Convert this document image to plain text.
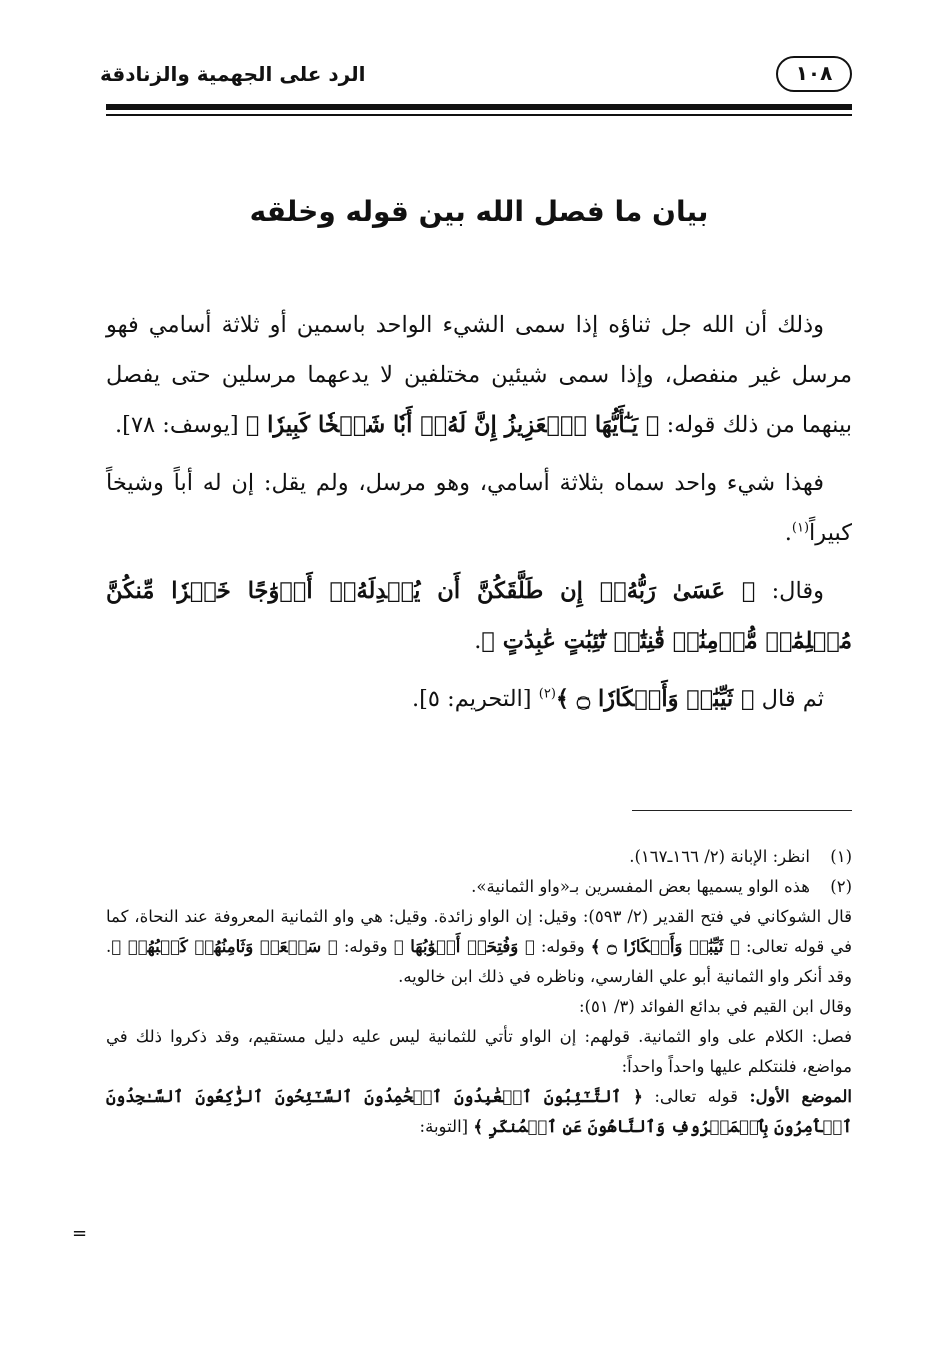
الرد على الجهمية والزنادقة	١٠٨
بيان ما فصل الله بين قوله وخلقه

وذلك أن الله جل ثناؤه إذا سمى الشيء الواحد باسمين أو ثلاثة أسامي فهو مرسل غير منفصل، وإذا سمى شيئين مختلفين لا يدعهما مرسلين حتى يفصل بينهما من ذلك قوله: ﴿ يَـٰٓأَيُّهَا ٱلۡعَزِيزُ إِنَّ لَهُۥٓ أَبٗا شَيۡخٗا كَبِيرٗا ﴾ [يوسف: ٧٨].

فهذا شيء واحد سماه بثلاثة أسامي، وهو مرسل، ولم يقل: إن له أباً وشيخاً كبيراً$^{(١)}$.

وقال: ﴿ عَسَىٰ رَبُّهُۥٓ إِن طَلَّقَكُنَّ أَن يُبۡدِلَهُۥٓ أَزۡوَٰجًا خَيۡرٗا مِّنكُنَّ مُسۡلِمَٰتٖ مُّؤۡمِنَٰتٖ قَٰنِتَٰتٖ تَٰٓئِبَٰتٍ عَٰبِدَٰتٍ ﴾.

ثم قال ﴿ ثَيِّبَٰتٖ وَأَبۡكَارٗا ۝ ﴾$^{(٢)}$ [التحريم: ٥].

(١)

انظر: الإبانة (٢/ ١٦٦ـ١٦٧).

(٢)

هذه الواو يسميها بعض المفسرين بـ«واو الثمانية».

قال الشوكاني في فتح القدير (٢/ ٥٩٣): وقيل: إن الواو زائدة. وقيل: هي واو الثمانية المعروفة عند النحاة، كما في قوله تعالى: ﴿ ثَيِّبَٰتٖ وَأَبۡكَارٗا ۝ ﴾ وقوله: ﴿ وَفُتِحَتۡ أَبۡوَٰبُهَا ﴾ وقوله: ﴿ سَبۡعَةٞ وَثَامِنُهُمۡ كَلۡبُهُمۡ ﴾. وقد أنكر واو الثمانية أبو علي الفارسي، وناظره في ذلك ابن خالويه.

وقال ابن القيم في بدائع الفوائد (٣/ ٥١):

فصل: الكلام على واو الثمانية. قولهم: إن الواو تأتي للثمانية ليس عليه دليل مستقيم، وقد ذكروا ذلك في مواضع، فلنتكلم عليها واحداً واحداً:

الموضع الأول: قوله تعالى: ﴿ ٱلتَّـٰٓئِبُونَ ٱلۡعَٰبِدُونَ ٱلۡحَٰمِدُونَ ٱلسَّـٰٓئِحُونَ ٱلرَّٰكِعُونَ ٱلسَّـٰجِدُونَ ٱلۡأٓمِرُونَ بِٱلۡمَعۡرُوفِ وَٱلنَّاهُونَ عَنِ ٱلۡمُنكَرِ ﴾ [التوبة:

=
